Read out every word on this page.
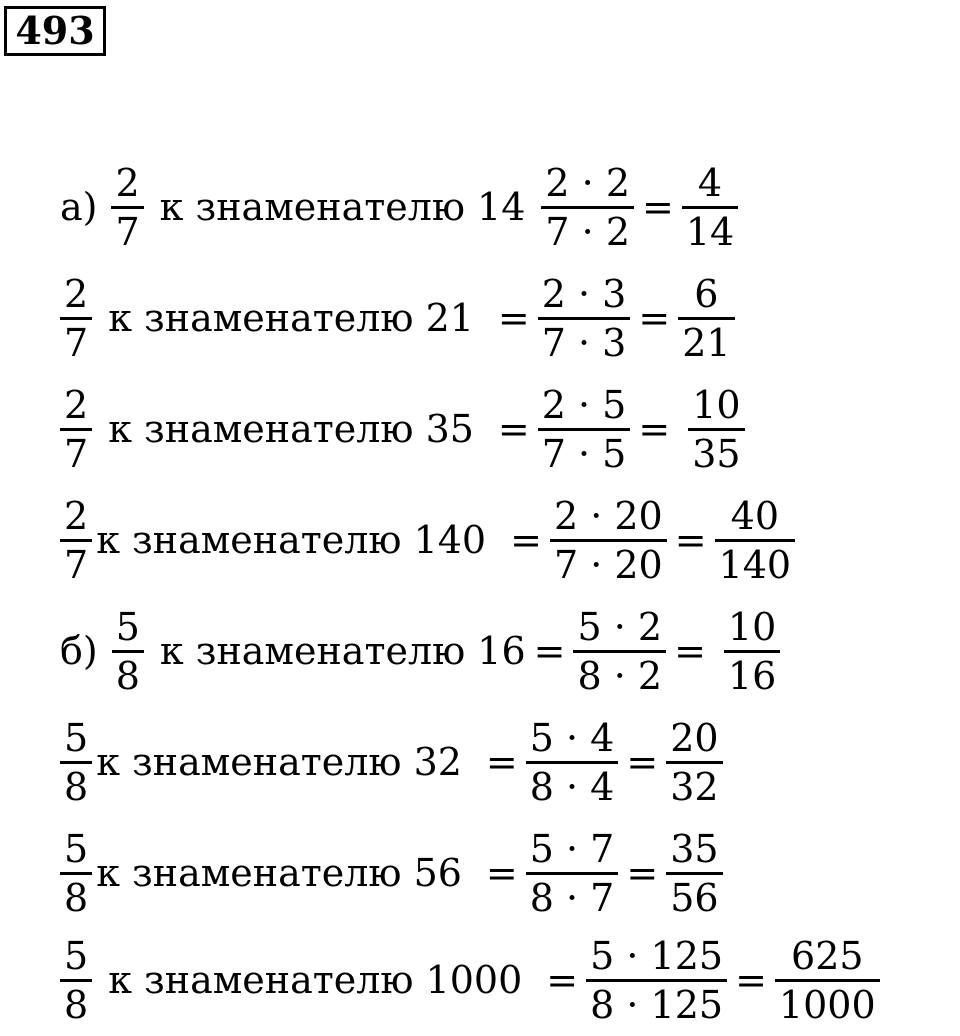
493
$а) \frac{2}{7}$ к знаменателю $14 \frac{2 \cdot 2}{7 \cdot 2} = \frac{4}{14}$
$\frac{2}{7}$ к знаменателю $21 = \frac{2 \cdot 3}{7 \cdot 3} = \frac{6}{21}$
$\frac{2}{7}$ к знаменателю $35 = \frac{2 \cdot 5}{7 \cdot 5} = \frac{10}{35}$
$\frac{2}{7}$ к знаменателю $140 = \frac{2 \cdot 20}{7 \cdot 20} = \frac{40}{140}$
$б) \frac{5}{8}$ к знаменателю $16 = \frac{5 \cdot 2}{8 \cdot 2} = \frac{10}{16}$
$\frac{5}{8}$ к знаменателю $32 = \frac{5 \cdot 4}{8 \cdot 4} = \frac{20}{32}$
$\frac{5}{8}$ к знаменателю $56 = \frac{5 \cdot 7}{8 \cdot 7} = \frac{35}{56}$
$\frac{5}{8}$ к знаменателю $1000 = \frac{5 \cdot 125}{8 \cdot 125} = \frac{625}{1000}$
